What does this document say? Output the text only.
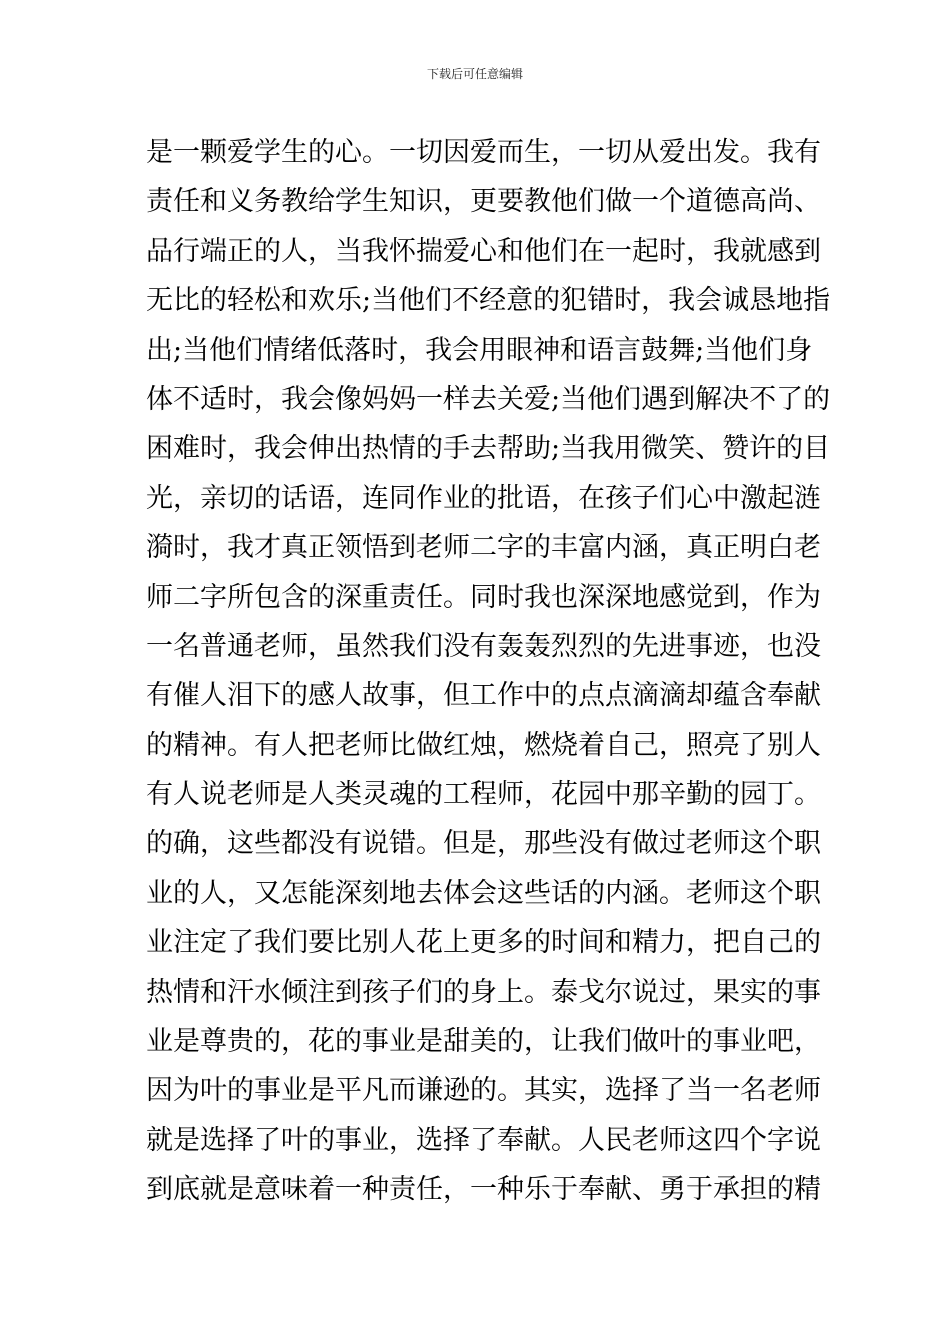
下载后可任意编辑
是一颗爱学生的心。一切因爱而生，一切从爱出发。我有
责任和义务教给学生知识，更要教他们做一个道德高尚、
品行端正的人，当我怀揣爱心和他们在一起时，我就感到
无比的轻松和欢乐;当他们不经意的犯错时，我会诚恳地指
出;当他们情绪低落时，我会用眼神和语言鼓舞;当他们身
体不适时，我会像妈妈一样去关爱;当他们遇到解决不了的
困难时，我会伸出热情的手去帮助;当我用微笑、赞许的目
光，亲切的话语，连同作业的批语，在孩子们心中激起涟
漪时，我才真正领悟到老师二字的丰富内涵，真正明白老
师二字所包含的深重责任。同时我也深深地感觉到，作为
一名普通老师，虽然我们没有轰轰烈烈的先进事迹，也没
有催人泪下的感人故事，但工作中的点点滴滴却蕴含奉献
的精神。有人把老师比做红烛，燃烧着自己，照亮了别人
有人说老师是人类灵魂的工程师，花园中那辛勤的园丁。
的确，这些都没有说错。但是，那些没有做过老师这个职
业的人，又怎能深刻地去体会这些话的内涵。老师这个职
业注定了我们要比别人花上更多的时间和精力，把自己的
热情和汗水倾注到孩子们的身上。泰戈尔说过，果实的事
业是尊贵的，花的事业是甜美的，让我们做叶的事业吧，
因为叶的事业是平凡而谦逊的。其实，选择了当一名老师
就是选择了叶的事业，选择了奉献。人民老师这四个字说
到底就是意味着一种责任，一种乐于奉献、勇于承担的精
